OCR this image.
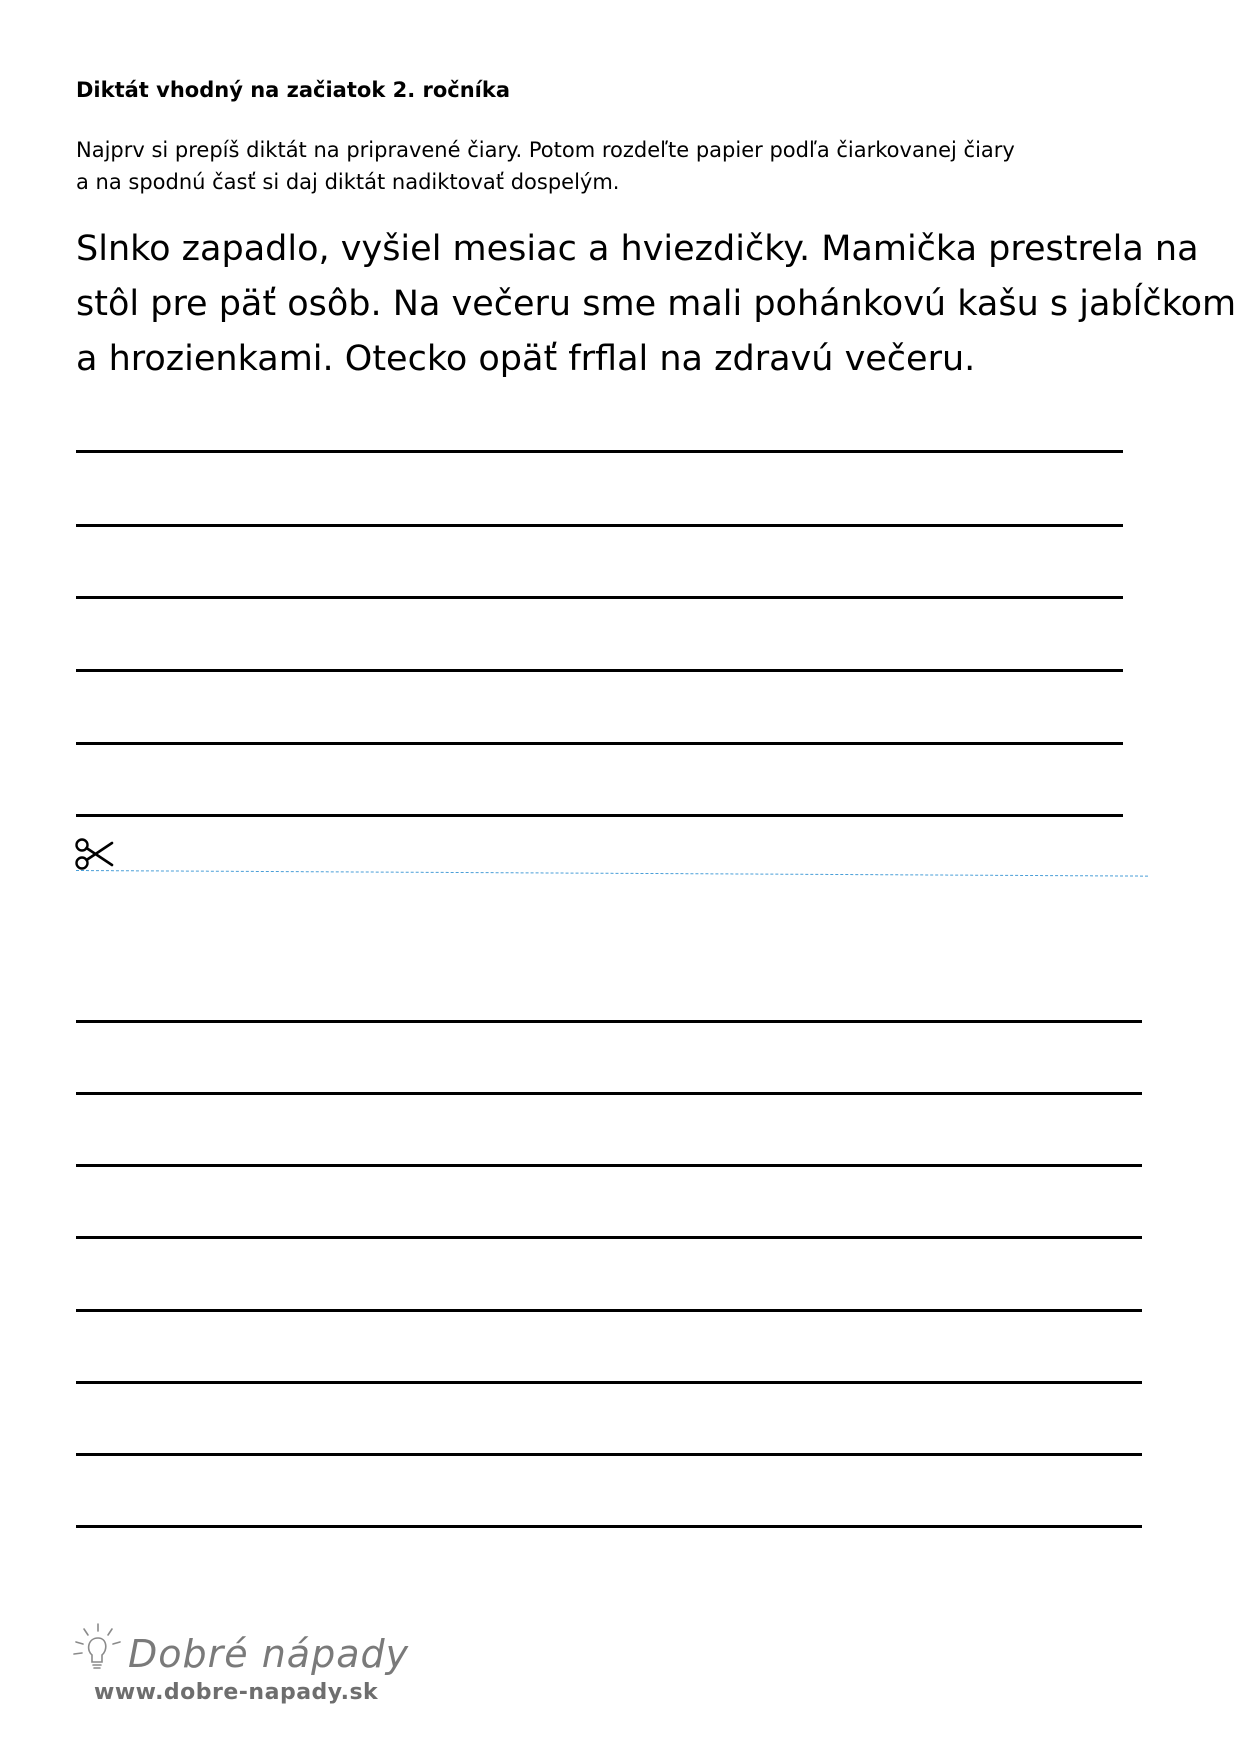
Diktát vhodný na začiatok 2. ročníka
Najprv si prepíš diktát na pripravené čiary. Potom rozdeľte papier podľa čiarkovanej čiary
a na spodnú časť si daj diktát nadiktovať dospelým.
Slnko zapadlo, vyšiel mesiac a hviezdičky. Mamička prestrela na
stôl pre päť osôb. Na večeru sme mali pohánkovú kašu s jabĺčkom
a hrozienkami. Otecko opäť frflal na zdravú večeru.
Dobré nápady
www.dobre-napady.sk
